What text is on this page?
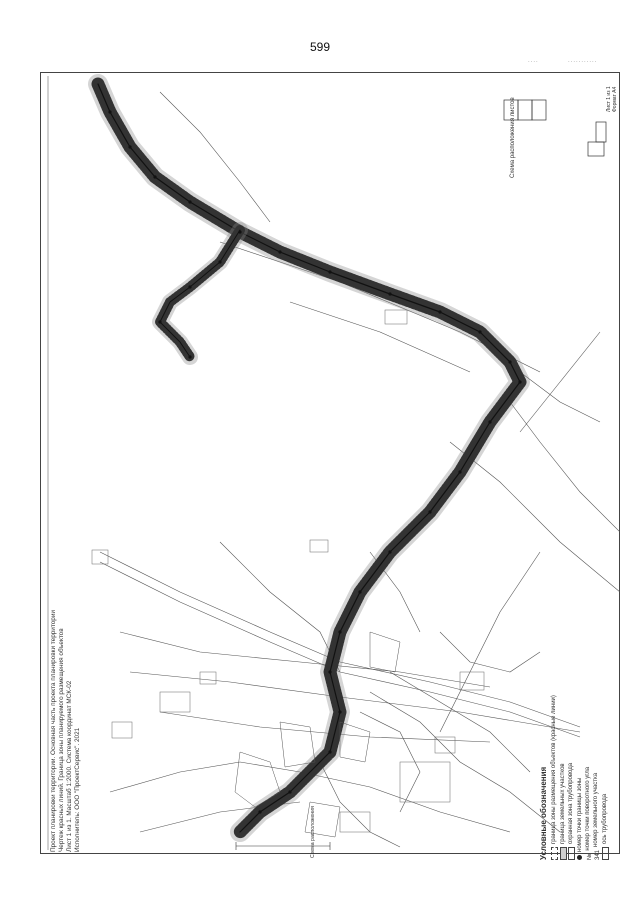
599
....	...........
Проект планировки территории. Основная часть проекта планировки территории Чертеж красных линий. Граница зоны планируемого размещения объектов Лист 1 из 1. Масштаб 1:2000. Система координат МСК-02 Исполнитель: ООО "ПроектСервис". 2021	Условные обозначения граница зоны размещения объектов (красные линии) граница земельных участков охранная зона трубопровода номер точки границы зоны
№
номер точки поворотного угла
341
номер земельного участка ось трубопровода
Схема расположения листов	Лист 1 из 1 Формат А4
Схема расположения
